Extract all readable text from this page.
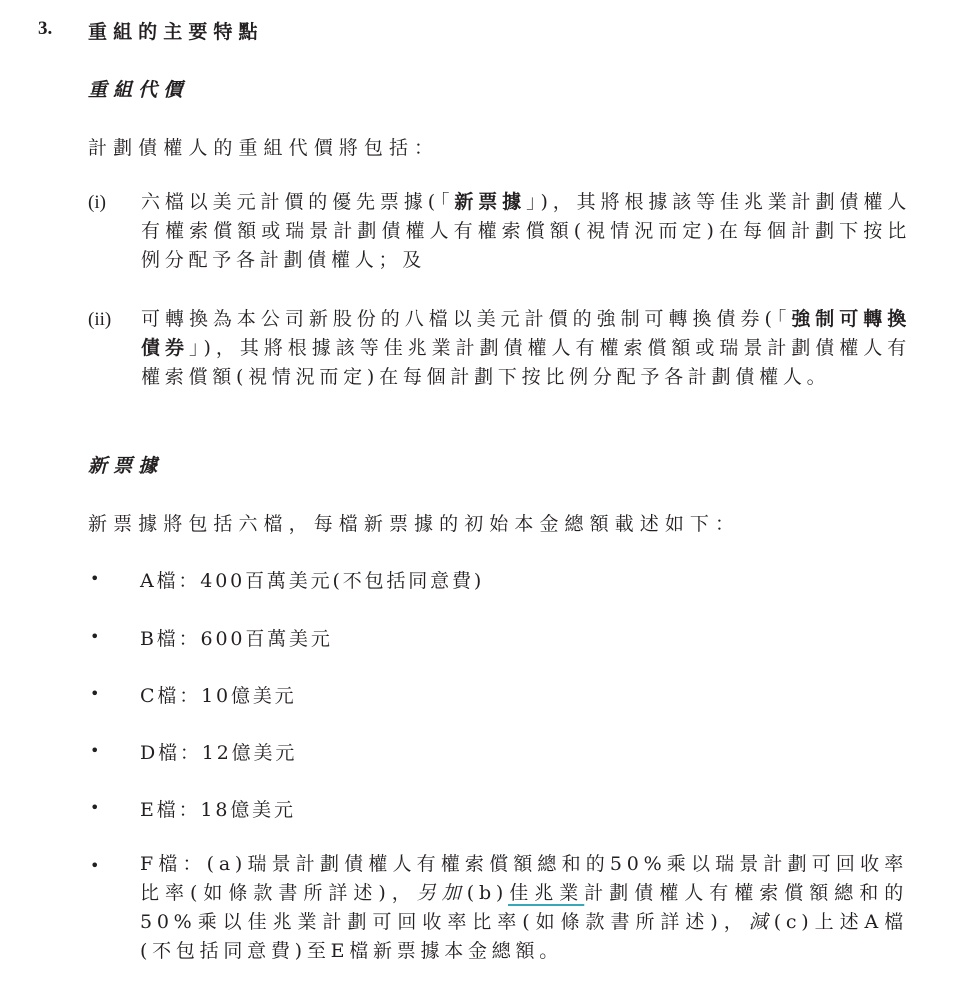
3. 重組的主要特點
重組代價
計劃債權人的重組代價將包括：
(i) 六檔以美元計價的優先票據(「新票據」)，其將根據該等佳兆業計劃債權人有權索償額或瑞景計劃債權人有權索償額(視情況而定)在每個計劃下按比例分配予各計劃債權人；及
(ii) 可轉換為本公司新股份的八檔以美元計價的強制可轉換債券(「強制可轉換債券」)，其將根據該等佳兆業計劃債權人有權索償額或瑞景計劃債權人有權索償額(視情況而定)在每個計劃下按比例分配予各計劃債權人。
新票據
新票據將包括六檔，每檔新票據的初始本金總額載述如下：
• A檔：400百萬美元(不包括同意費)
• B檔：600百萬美元
• C檔：10億美元
• D檔：12億美元
• E檔：18億美元
• F檔：(a)瑞景計劃債權人有權索償額總和的50%乘以瑞景計劃可回收率比率(如條款書所詳述)，另加(b)佳兆業計劃債權人有權索償額總和的50%乘以佳兆業計劃可回收率比率(如條款書所詳述)，減(c)上述A檔(不包括同意費)至E檔新票據本金總額。
